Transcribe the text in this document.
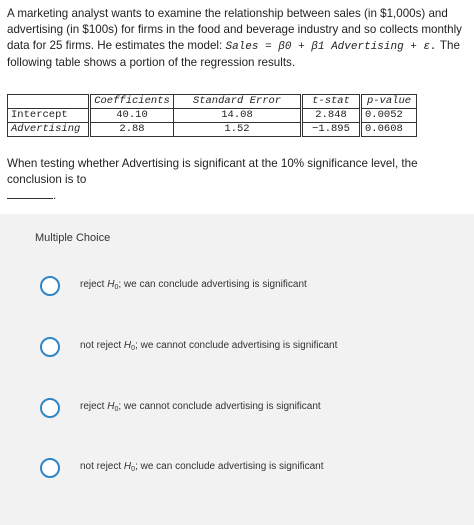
A marketing analyst wants to examine the relationship between sales (in $1,000s) and advertising (in $100s) for firms in the food and beverage industry and so collects monthly data for 25 firms. He estimates the model: Sales = β0 + β1 Advertising + ε. The following table shows a portion of the regression results.

	Coefficients	Standard Error	t-stat	p-value
Intercept	40.10	14.08	2.848	0.0052
Advertising	2.88	1.52	−1.895	0.0608
When testing whether Advertising is significant at the 10% significance level, the conclusion is to
.
Multiple Choice
reject $H_0$; we can conclude advertising is significant
not reject $H_0$; we cannot conclude advertising is significant
reject $H_0$; we cannot conclude advertising is significant
not reject $H_0$; we can conclude advertising is significant
